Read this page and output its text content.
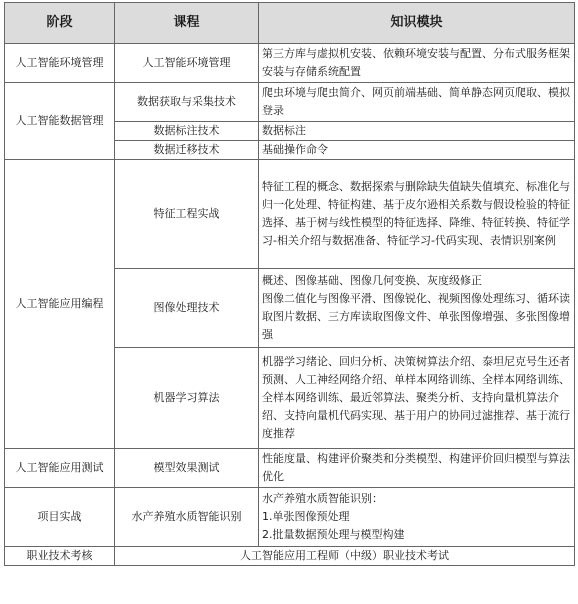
阶段	课程	知识模块
人工智能环境管理	人工智能环境管理	第三方库与虚拟机安装、依赖环境安装与配置、分布式服务框架安装与存储系统配置
人工智能数据管理	数据获取与采集技术	爬虫环境与爬虫简介、网页前端基础、简单静态网页爬取、模拟登录
	数据标注技术	数据标注
	数据迁移技术	基础操作命令
人工智能应用编程	特征工程实战	特征工程的概念、数据探索与删除缺失值缺失值填充、标准化与归一化处理、特征构建、基于皮尔逊相关系数与假设检验的特征选择、基于树与线性模型的特征选择、降维、特征转换、特征学习-相关介绍与数据准备、特征学习-代码实现、表情识别案例
	图像处理技术	概述、图像基础、图像几何变换、灰度级修正
图像二值化与图像平滑、图像锐化、视频图像处理练习、循环读取图片数据、三方库读取图像文件、单张图像增强、多张图像增强

	机器学习算法	机器学习绪论、回归分析、决策树算法介绍、泰坦尼克号生还者预测、人工神经网络介绍、单样本网络训练、全样本网络训练、全样本网络训练、最近邻算法、聚类分析、支持向量机算法介绍、支持向量机代码实现、基于用户的协同过滤推荐、基于流行度推荐
人工智能应用测试	模型效果测试	性能度量、构建评价聚类和分类模型、构建评价回归模型与算法优化
项目实战	水产养殖水质智能识别	水产养殖水质智能识别：
1.单张图像预处理
2.批量数据预处理与模型构建

职业技术考核	人工智能应用工程师（中级）职业技术考试	
